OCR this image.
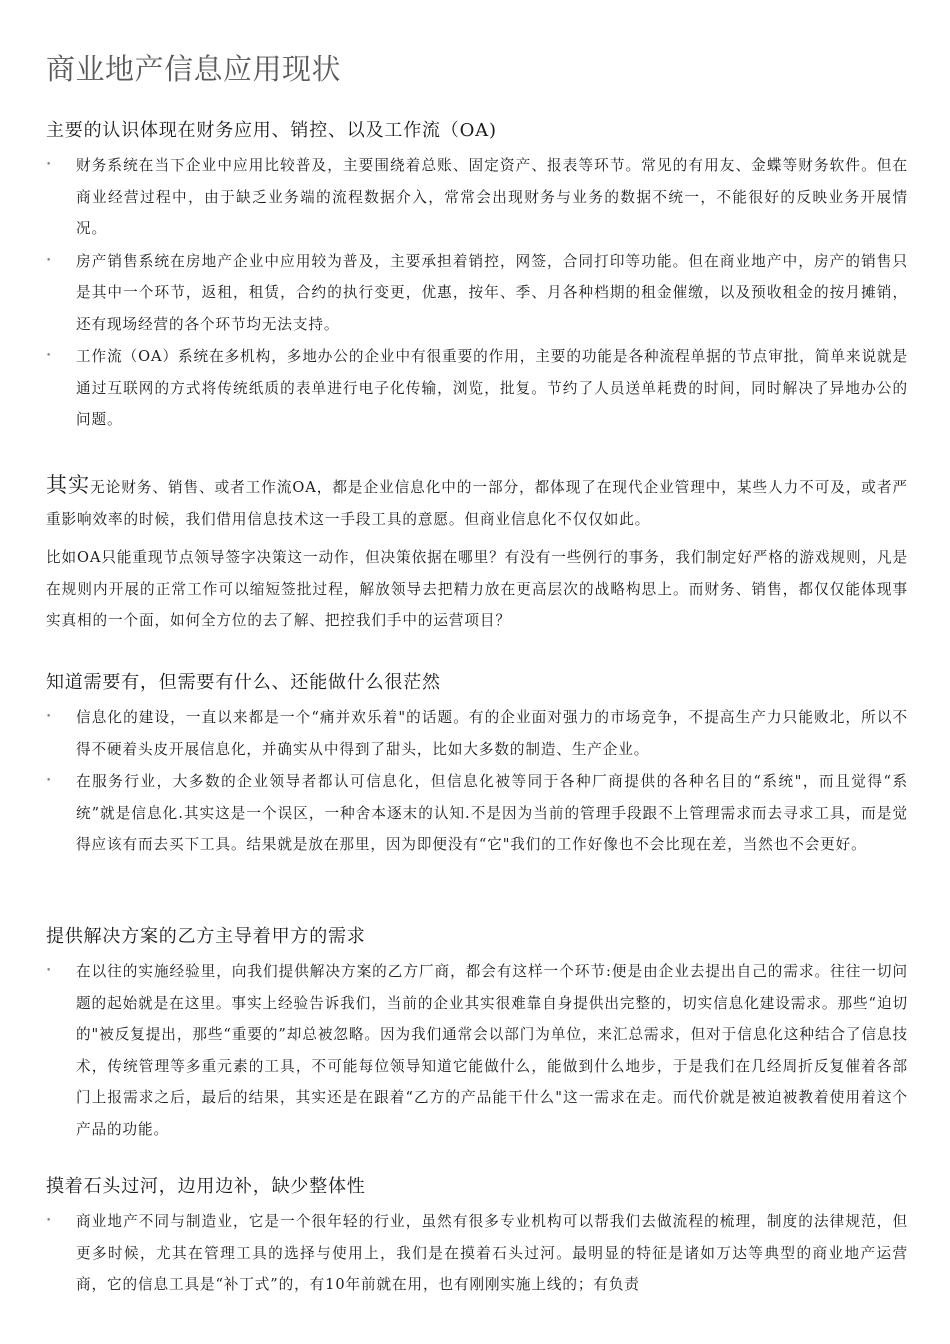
商业地产信息应用现状
主要的认识体现在财务应用、销控、以及工作流（OA)
• 财务系统在当下企业中应用比较普及，主要围绕着总账、固定资产、报表等环节。常见的有用友、金蝶等财务软件。但在商业经营过程中，由于缺乏业务端的流程数据介入，常常会出现财务与业务的数据不统一，不能很好的反映业务开展情况。
• 房产销售系统在房地产企业中应用较为普及，主要承担着销控，网签，合同打印等功能。但在商业地产中，房产的销售只是其中一个环节，返租，租赁，合约的执行变更，优惠，按年、季、月各种档期的租金催缴，以及预收租金的按月摊销，还有现场经营的各个环节均无法支持。
• 工作流（OA）系统在多机构，多地办公的企业中有很重要的作用，主要的功能是各种流程单据的节点审批，简单来说就是通过互联网的方式将传统纸质的表单进行电子化传输，浏览，批复。节约了人员送单耗费的时间，同时解决了异地办公的问题。

其实无论财务、销售、或者工作流OA，都是企业信息化中的一部分，都体现了在现代企业管理中，某些人力不可及，或者严重影响效率的时候，我们借用信息技术这一手段工具的意愿。但商业信息化不仅仅如此。

比如OA只能重现节点领导签字决策这一动作，但决策依据在哪里？有没有一些例行的事务，我们制定好严格的游戏规则，凡是在规则内开展的正常工作可以缩短签批过程，解放领导去把精力放在更高层次的战略构思上。而财务、销售，都仅仅能体现事实真相的一个面，如何全方位的去了解、把控我们手中的运营项目？

知道需要有，但需要有什么、还能做什么很茫然
• 信息化的建设，一直以来都是一个“痛并欢乐着"的话题。有的企业面对强力的市场竞争，不提高生产力只能败北，所以不得不硬着头皮开展信息化，并确实从中得到了甜头，比如大多数的制造、生产企业。
• 在服务行业，大多数的企业领导者都认可信息化，但信息化被等同于各种厂商提供的各种名目的“系统"，而且觉得“系统”就是信息化.其实这是一个误区，一种舍本逐末的认知.不是因为当前的管理手段跟不上管理需求而去寻求工具，而是觉得应该有而去买下工具。结果就是放在那里，因为即便没有“它"我们的工作好像也不会比现在差，当然也不会更好。
提供解决方案的乙方主导着甲方的需求
• 在以往的实施经验里，向我们提供解决方案的乙方厂商，都会有这样一个环节:便是由企业去提出自己的需求。往往一切问题的起始就是在这里。事实上经验告诉我们，当前的企业其实很难靠自身提供出完整的，切实信息化建设需求。那些“迫切的"被反复提出，那些“重要的”却总被忽略。因为我们通常会以部门为单位，来汇总需求，但对于信息化这种结合了信息技术，传统管理等多重元素的工具，不可能每位领导知道它能做什么，能做到什么地步，于是我们在几经周折反复催着各部门上报需求之后，最后的结果，其实还是在跟着“乙方的产品能干什么"这一需求在走。而代价就是被迫被教着使用着这个产品的功能。
摸着石头过河，边用边补，缺少整体性
• 商业地产不同与制造业，它是一个很年轻的行业，虽然有很多专业机构可以帮我们去做流程的梳理，制度的法律规范，但更多时候，尤其在管理工具的选择与使用上，我们是在摸着石头过河。最明显的特征是诸如万达等典型的商业地产运营商，它的信息工具是“补丁式”的，有10年前就在用，也有刚刚实施上线的；有负责
